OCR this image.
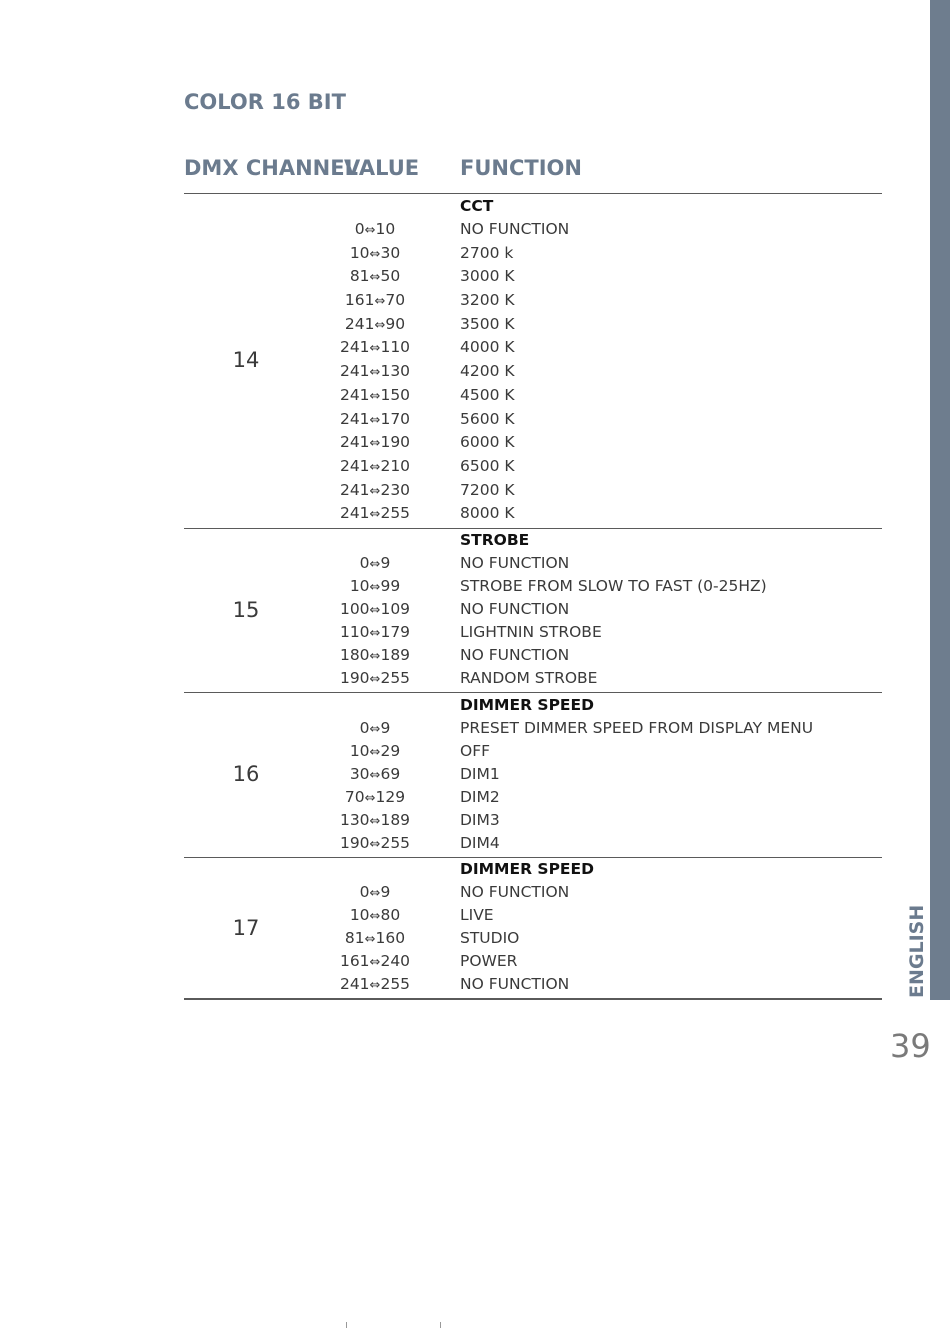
ENGLISH
39
COLOR 16 BIT
DMX CHANNEL
VALUE FUNCTION
14
CCT
0⇔10	NO FUNCTION
10⇔30	2700 k
81⇔50	3000 K
161⇔70	3200 K
241⇔90	3500 K
241⇔110	4000 K
241⇔130	4200 K
241⇔150	4500 K
241⇔170	5600 K
241⇔190	6000 K
241⇔210	6500 K
241⇔230	7200 K
241⇔255	8000 K
15
STROBE
0⇔9	NO FUNCTION
10⇔99	STROBE FROM SLOW TO FAST (0-25HZ)
100⇔109	NO FUNCTION
110⇔179	LIGHTNIN STROBE
180⇔189	NO FUNCTION
190⇔255	RANDOM STROBE
16
DIMMER SPEED
0⇔9	PRESET DIMMER SPEED FROM DISPLAY MENU
10⇔29	OFF
30⇔69	DIM1
70⇔129	DIM2
130⇔189	DIM3
190⇔255	DIM4
17
DIMMER SPEED
0⇔9	NO FUNCTION
10⇔80	LIVE
81⇔160	STUDIO
161⇔240	POWER
241⇔255	NO FUNCTION
